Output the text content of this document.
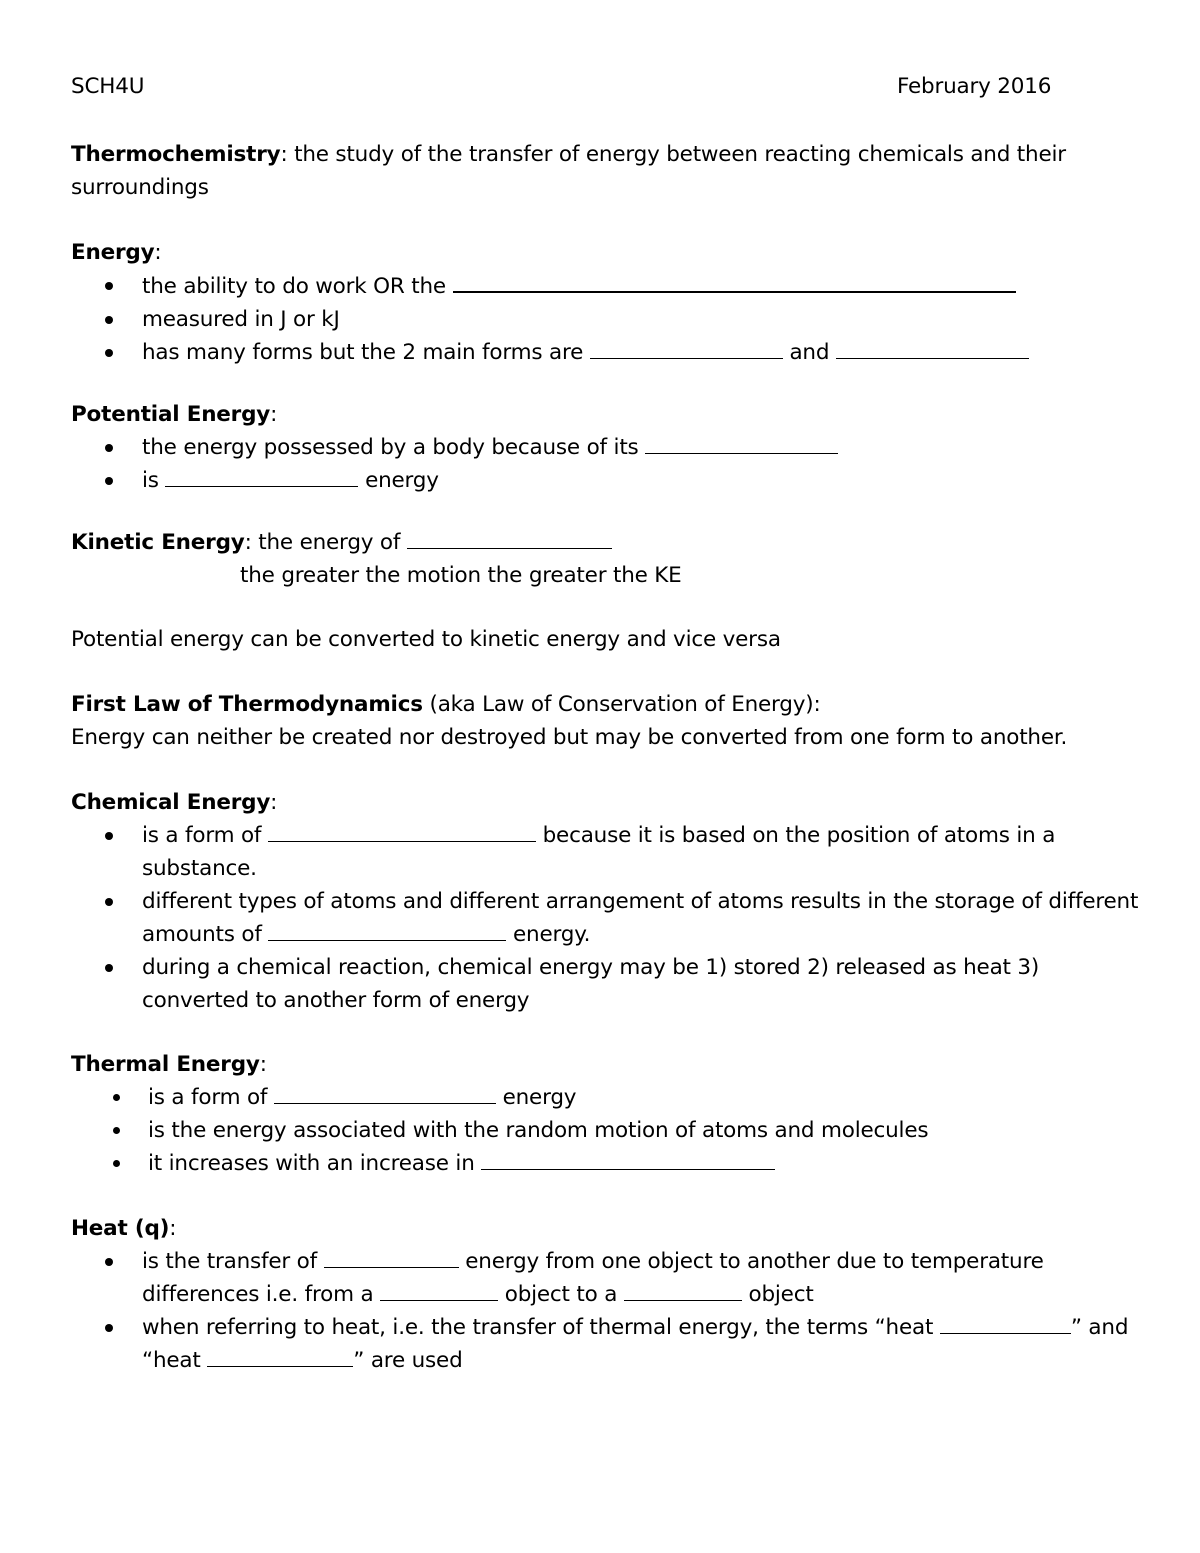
SCH4U	February 2016

Thermochemistry: the study of the transfer of energy between reacting chemicals and their surroundings

Energy:
the ability to do work OR the
measured in J or kJ
has many forms but the 2 main forms are	and
Potential Energy:
the energy possessed by a body because of its
is	energy
Kinetic Energy: the energy of
the greater the motion the greater the KE

Potential energy can be converted to kinetic energy and vice versa

First Law of Thermodynamics (aka Law of Conservation of Energy):
Energy can neither be created nor destroyed but may be converted from one form to another.
Chemical Energy:
is a form of	because it is based on the position of atoms in a substance.
different types of atoms and different arrangement of atoms results in the storage of different amounts of	energy.
during a chemical reaction, chemical energy may be 1) stored 2) released as heat 3) converted to another form of energy
Thermal Energy:
is a form of	energy
is the energy associated with the random motion of atoms and molecules
it increases with an increase in
Heat (q):
is the transfer of	energy from one object to another due to temperature differences i.e. from a	object to a	object
when referring to heat, i.e. the transfer of thermal energy, the terms “heat	” and “heat	” are used
